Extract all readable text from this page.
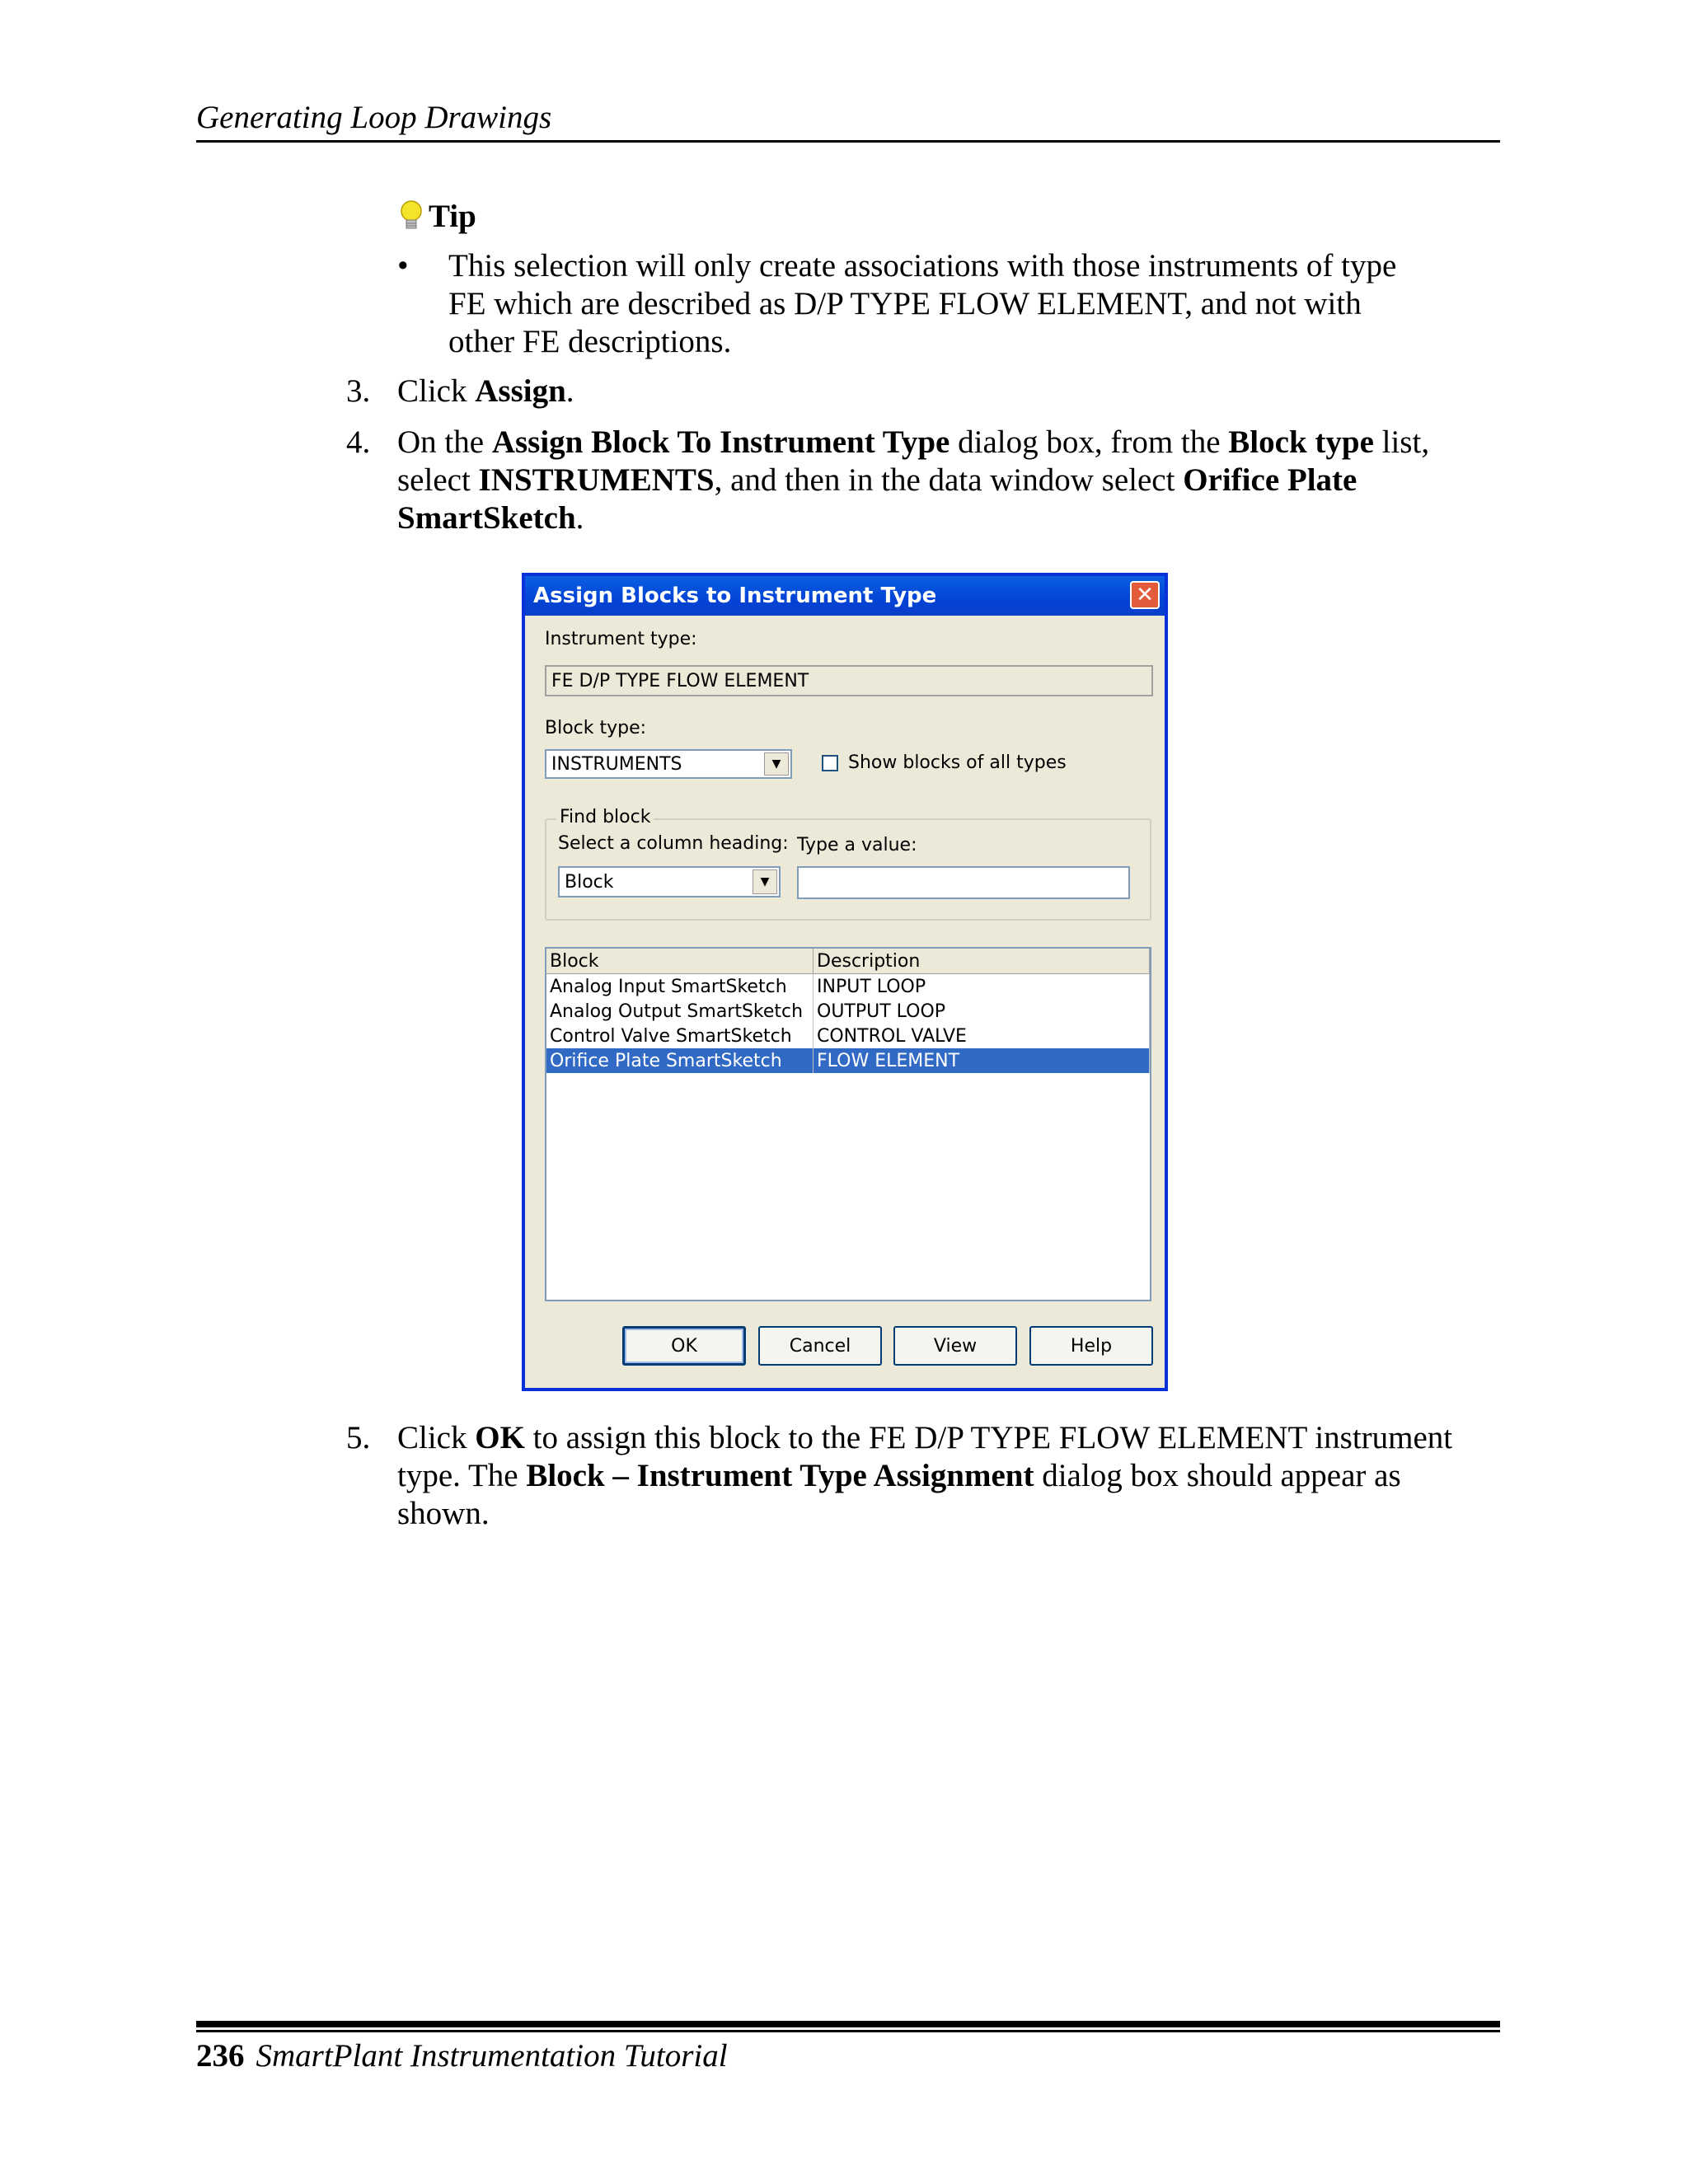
Generating Loop Drawings
Tip
•	This selection will only create associations with those instruments of type FE which are described as D/P TYPE FLOW ELEMENT, and not with other FE descriptions.
3. Click Assign.
4. On the Assign Block To Instrument Type dialog box, from the Block type list, select INSTRUMENTS, and then in the data window select Orifice Plate SmartSketch.
Assign Blocks to Instrument Type	✕
Instrument type:
FE D/P TYPE FLOW ELEMENT
Block type:
INSTRUMENTS	▼	Show blocks of all types
Find block
Select a column heading:
Block	▼
Type a value:
Block	Description
Analog Input SmartSketch	INPUT LOOP
Analog Output SmartSketch OUTPUT LOOP
Control Valve SmartSketch	CONTROL VALVE
Orifice Plate SmartSketch	FLOW ELEMENT
OK	Cancel	View	Help
5. Click OK to assign this block to the FE D/P TYPE FLOW ELEMENT instrument type. The Block – Instrument Type Assignment dialog box should appear as shown.
236 SmartPlant Instrumentation Tutorial
